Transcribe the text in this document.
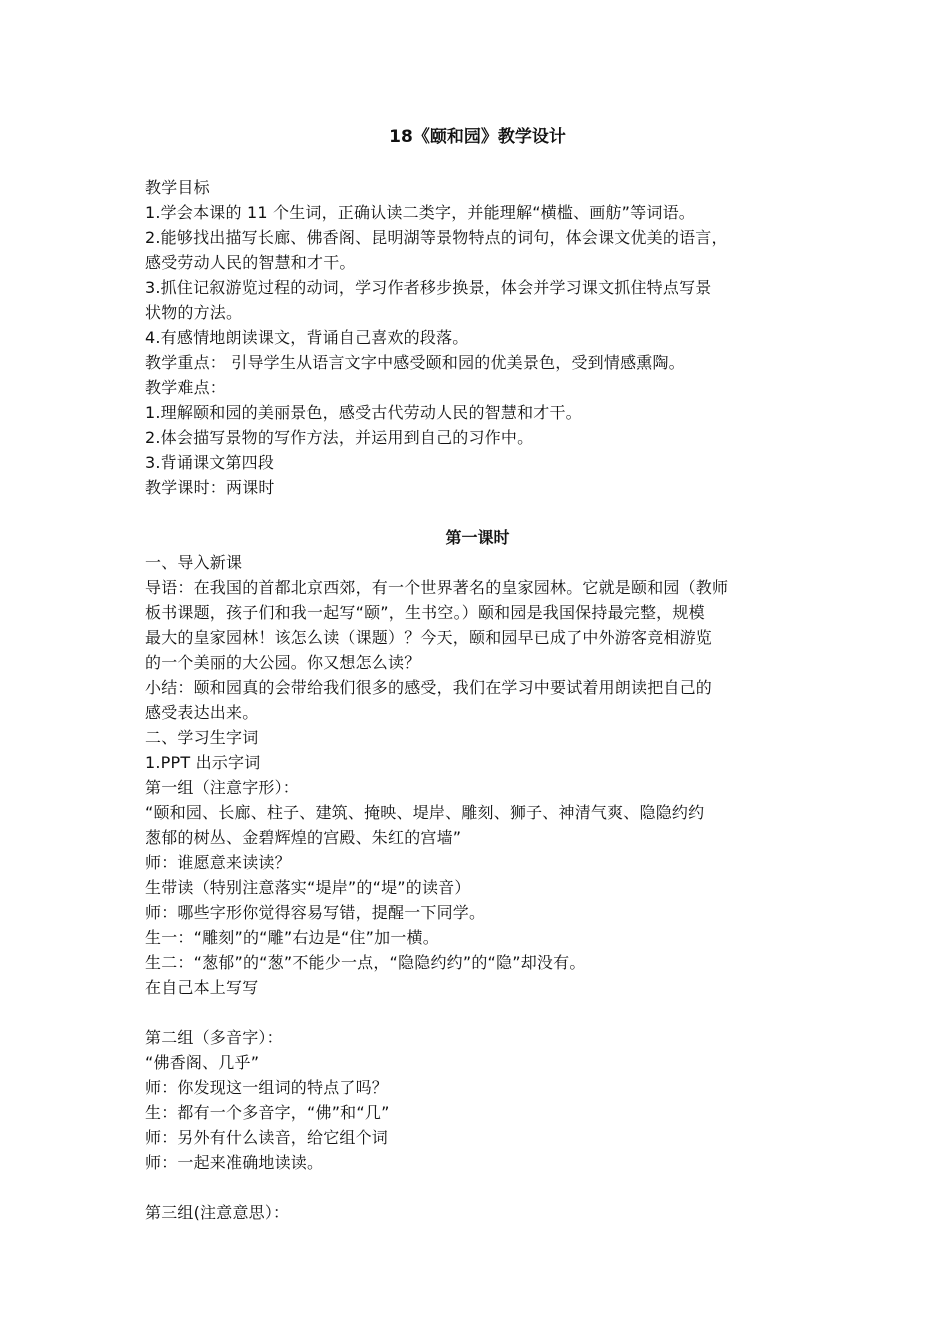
18《颐和园》教学设计
教学目标
1.学会本课的 11 个生词，正确认读二类字，并能理解“横槛、画舫”等词语。
2.能够找出描写长廊、佛香阁、昆明湖等景物特点的词句，体会课文优美的语言，
感受劳动人民的智慧和才干。
3.抓住记叙游览过程的动词，学习作者移步换景，体会并学习课文抓住特点写景
状物的方法。
4.有感情地朗读课文，背诵自己喜欢的段落。
教学重点： 引导学生从语言文字中感受颐和园的优美景色，受到情感熏陶。
教学难点：
1.理解颐和园的美丽景色，感受古代劳动人民的智慧和才干。
2.体会描写景物的写作方法，并运用到自己的习作中。
3.背诵课文第四段
教学课时：两课时
第一课时
一、导入新课
导语：在我国的首都北京西郊，有一个世界著名的皇家园林。它就是颐和园（教师
板书课题，孩子们和我一起写“颐”，生书空。）颐和园是我国保持最完整，规模
最大的皇家园林！该怎么读（课题）？今天，颐和园早已成了中外游客竞相游览
的一个美丽的大公园。你又想怎么读？
小结：颐和园真的会带给我们很多的感受，我们在学习中要试着用朗读把自己的
感受表达出来。
二、学习生字词
1.PPT 出示字词
第一组（注意字形）：
“颐和园、长廊、柱子、建筑、掩映、堤岸、雕刻、狮子、神清气爽、隐隐约约
葱郁的树丛、金碧辉煌的宫殿、朱红的宫墙”
师：谁愿意来读读？
生带读（特别注意落实“堤岸”的“堤”的读音）
师：哪些字形你觉得容易写错，提醒一下同学。
生一：“雕刻”的“雕”右边是“住”加一横。
生二：“葱郁”的“葱”不能少一点，“隐隐约约”的“隐”却没有。
在自己本上写写
第二组（多音字）：
“佛香阁、几乎”
师：你发现这一组词的特点了吗？
生：都有一个多音字，“佛”和“几”
师：另外有什么读音，给它组个词
师：一起来准确地读读。
第三组(注意意思）：
